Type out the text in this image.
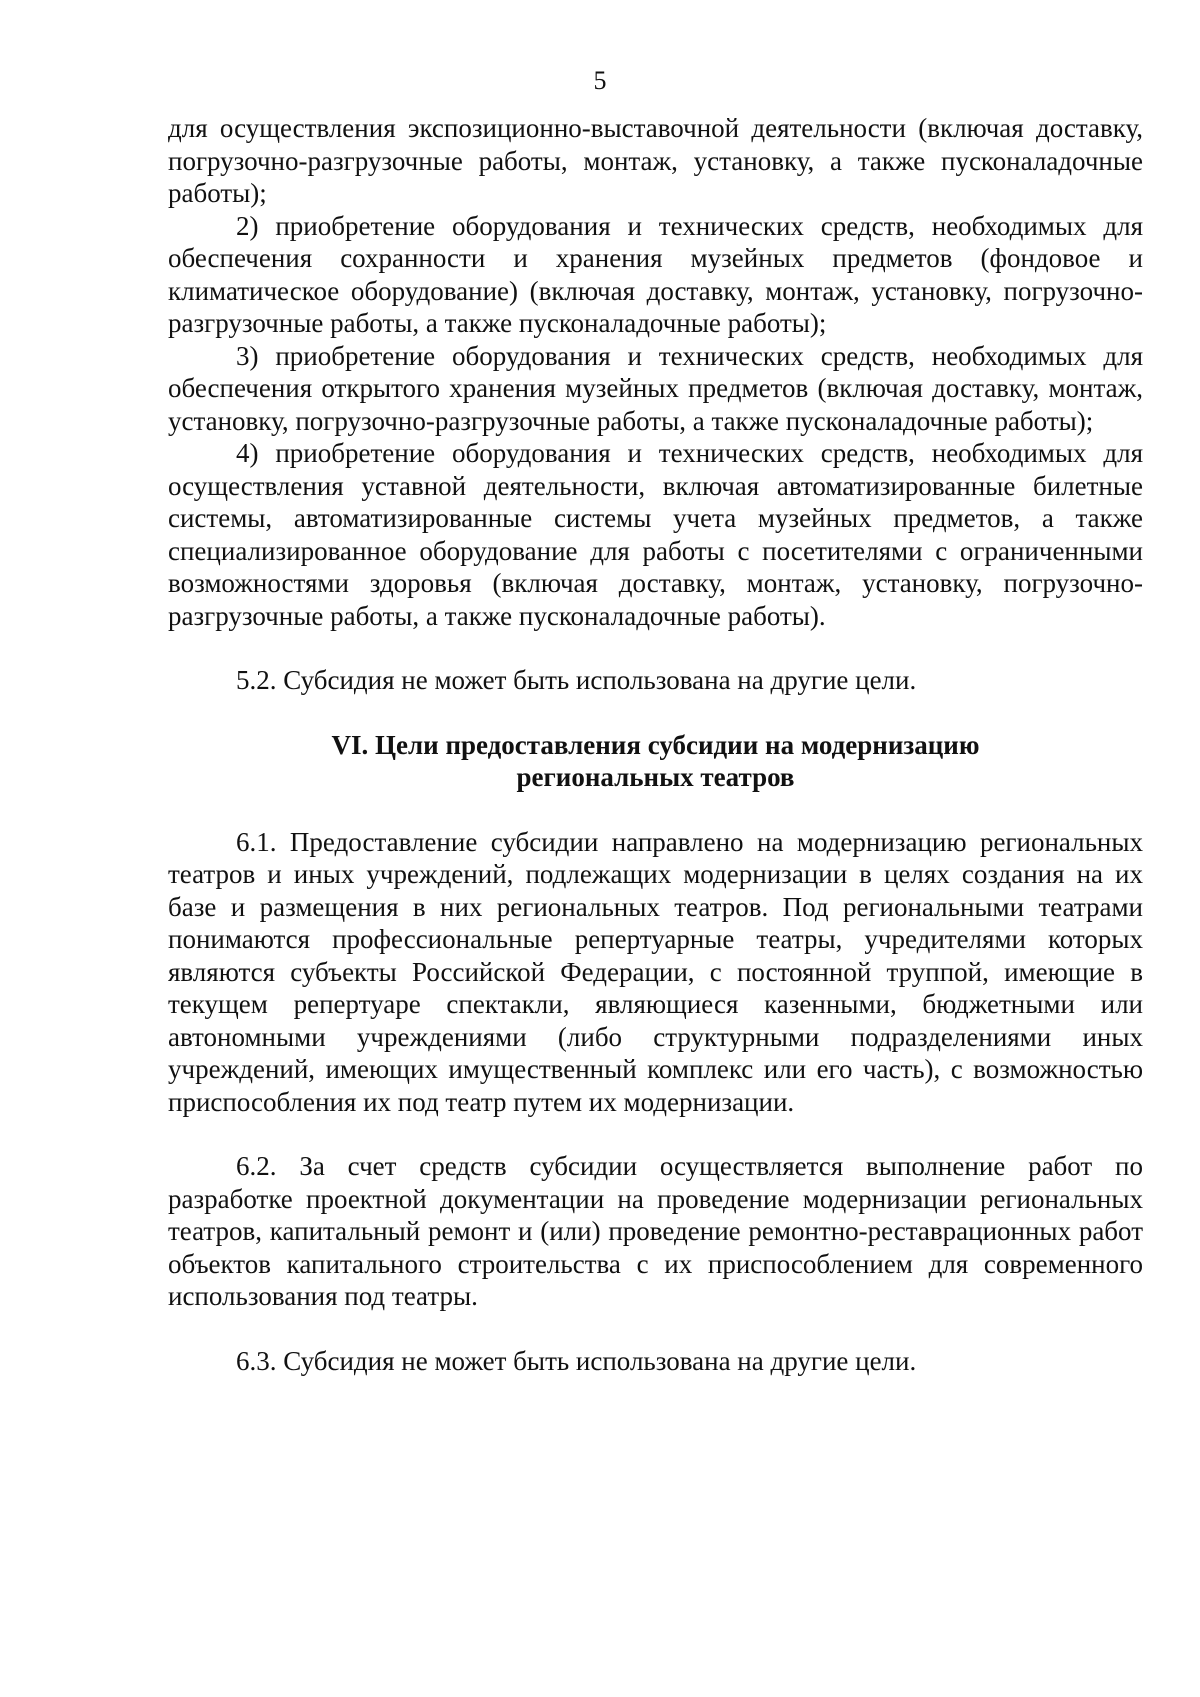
5

для осуществления экспозиционно-выставочной деятельности (включая доставку, погрузочно-разгрузочные работы, монтаж, установку, а также пусконаладочные работы);

2) приобретение оборудования и технических средств, необходимых для обеспечения сохранности и хранения музейных предметов (фондовое и климатическое оборудование) (включая доставку, монтаж, установку, погрузочно-разгрузочные работы, а также пусконаладочные работы);

3) приобретение оборудования и технических средств, необходимых для обеспечения открытого хранения музейных предметов (включая доставку, монтаж, установку, погрузочно-разгрузочные работы, а также пусконаладочные работы);

4) приобретение оборудования и технических средств, необходимых для осуществления уставной деятельности, включая автоматизированные билетные системы, автоматизированные системы учета музейных предметов, а также специализированное оборудование для работы с посетителями с ограниченными возможностями здоровья (включая доставку, монтаж, установку, погрузочно-разгрузочные работы, а также пусконаладочные работы).

5.2. Субсидия не может быть использована на другие цели.

VI. Цели предоставления субсидии на модернизацию
региональных театров

6.1. Предоставление субсидии направлено на модернизацию региональных театров и иных учреждений, подлежащих модернизации в целях создания на их базе и размещения в них региональных театров. Под региональными театрами понимаются профессиональные репертуарные театры, учредителями которых являются субъекты Российской Федерации, с постоянной труппой, имеющие в текущем репертуаре спектакли, являющиеся казенными, бюджетными или автономными учреждениями (либо структурными подразделениями иных учреждений, имеющих имущественный комплекс или его часть), с возможностью приспособления их под театр путем их модернизации.

6.2. За счет средств субсидии осуществляется выполнение работ по разработке проектной документации на проведение модернизации региональных театров, капитальный ремонт и (или) проведение ремонтно-реставрационных работ объектов капитального строительства с их приспособлением для современного использования под театры.

6.3. Субсидия не может быть использована на другие цели.
